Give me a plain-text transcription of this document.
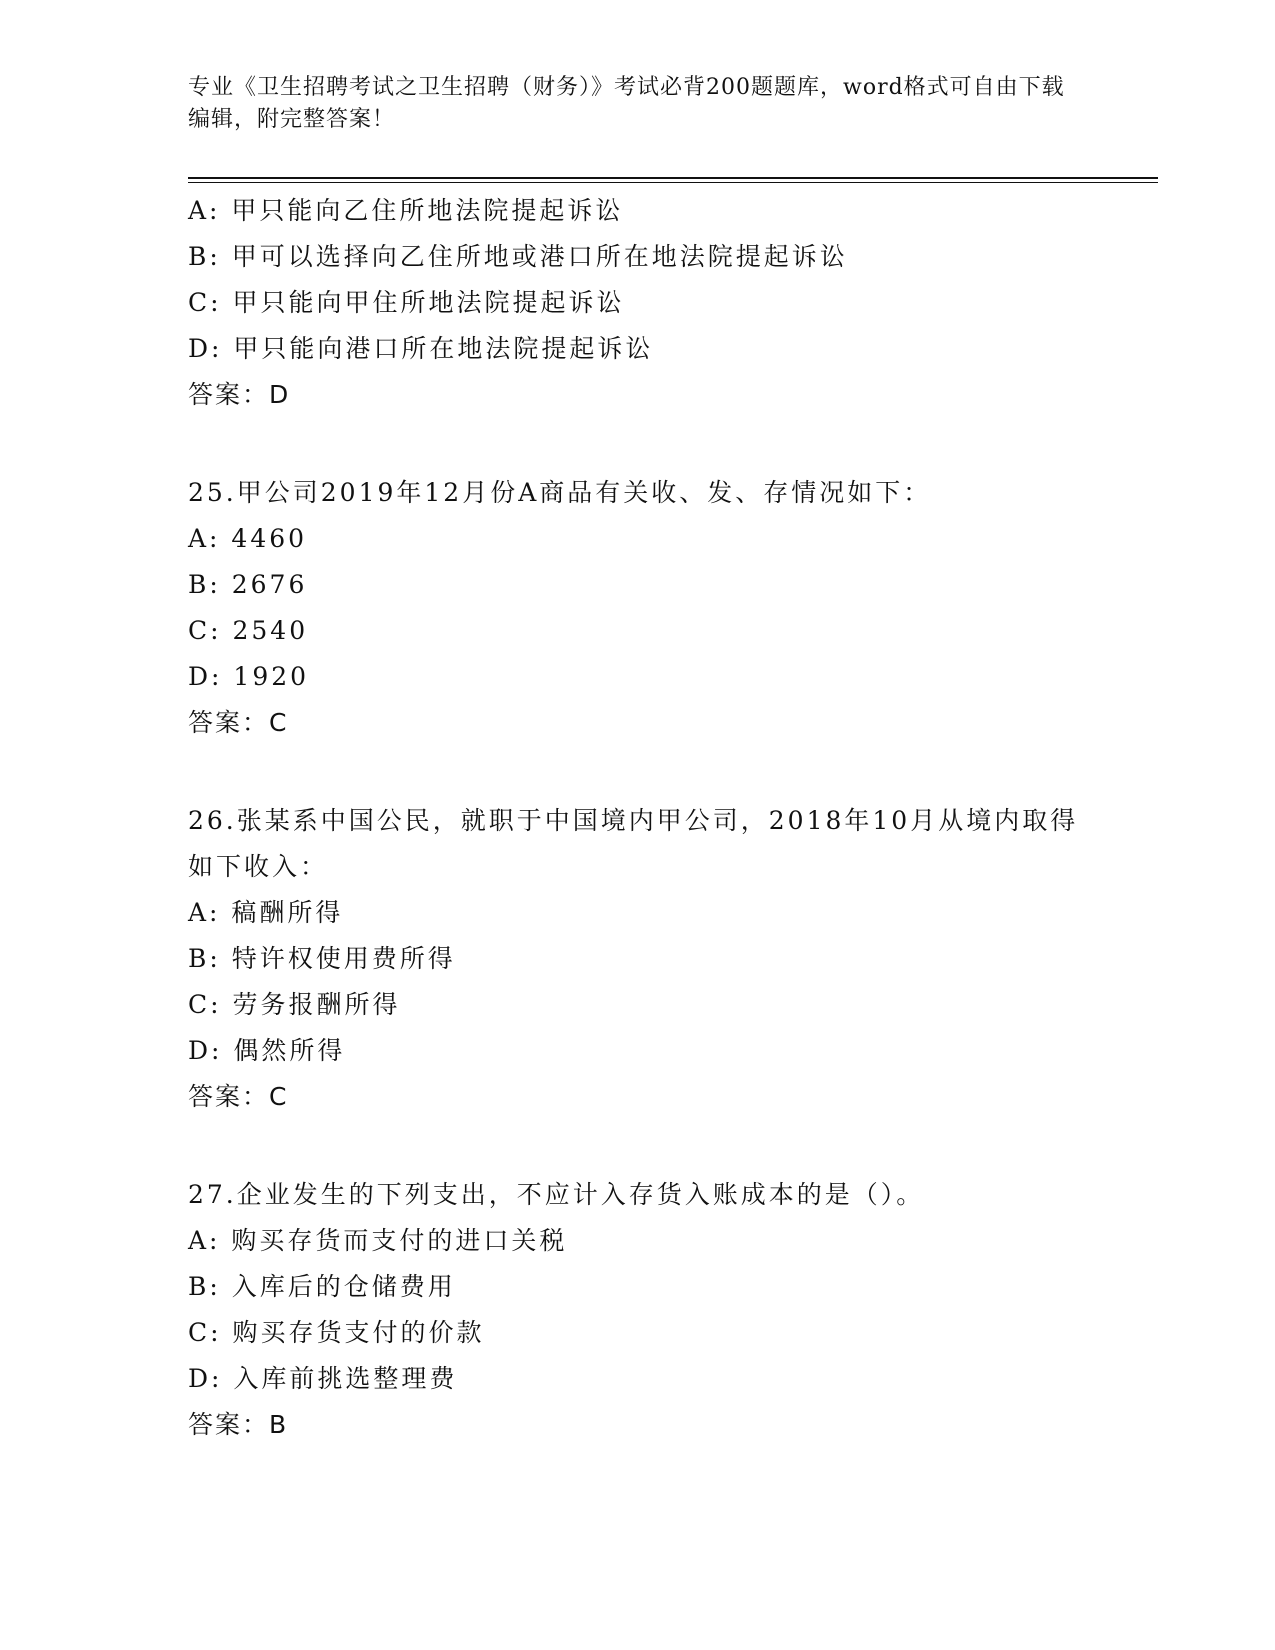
专业《卫生招聘考试之卫生招聘（财务）》考试必背200题题库，word格式可自由下载编辑，附完整答案！
A: 甲只能向乙住所地法院提起诉讼
B: 甲可以选择向乙住所地或港口所在地法院提起诉讼
C: 甲只能向甲住所地法院提起诉讼
D: 甲只能向港口所在地法院提起诉讼
答案：D
25.甲公司2019年12月份A商品有关收、发、存情况如下：
A: 4460
B: 2676
C: 2540
D: 1920
答案：C
26.张某系中国公民，就职于中国境内甲公司，2018年10月从境内取得如下收入：
A: 稿酬所得
B: 特许权使用费所得
C: 劳务报酬所得
D: 偶然所得
答案：C
27.企业发生的下列支出，不应计入存货入账成本的是（）。
A: 购买存货而支付的进口关税
B: 入库后的仓储费用
C: 购买存货支付的价款
D: 入库前挑选整理费
答案：B
